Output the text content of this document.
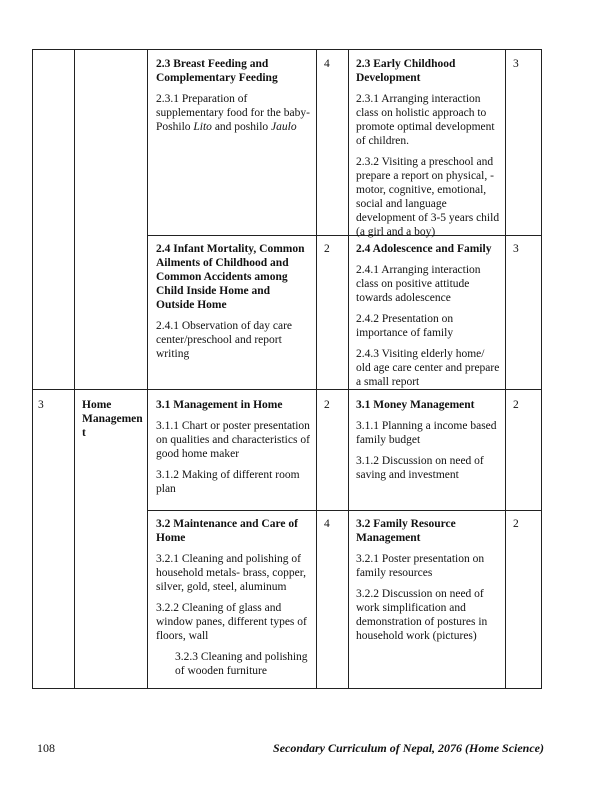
2.3 Breast Feeding and Complementary Feeding

2.3.1 Preparation of supplementary food for the baby- Poshilo Lito and poshilo Jaulo

4 2.3 Early Childhood Development

2.3.1 Arranging interaction class on holistic approach to promote optimal development of children.

2.3.2 Visiting a preschool and prepare a report on physical, -motor, cognitive, emotional, social and language development of 3-5 years child (a girl and a boy)

3

2.4 Infant Mortality, Common Ailments of Childhood and Common Accidents among Child Inside Home and Outside Home

2.4.1 Observation of day care center/preschool and report writing

2 2.4 Adolescence and Family

2.4.1 Arranging interaction class on positive attitude towards adolescence

2.4.2 Presentation on importance of family

2.4.3 Visiting elderly home/ old age care center and prepare a small report

3
3	Home Managemen t

3.1 Management in Home

3.1.1 Chart or poster presentation on qualities and characteristics of good home maker

3.1.2 Making of different room plan

2 3.1 Money Management

3.1.1 Planning a income based family budget

3.1.2 Discussion on need of saving and investment

2

3.2 Maintenance and Care of Home

3.2.1 Cleaning and polishing of household metals- brass, copper, silver, gold, steel, aluminum

3.2.2 Cleaning of glass and window panes, different types of floors, wall

3.2.3 Cleaning and polishing of wooden furniture

4 3.2 Family Resource Management

3.2.1 Poster presentation on family resources

3.2.2 Discussion on need of work simplification and demonstration of postures in household work (pictures)

2
108	Secondary Curriculum of Nepal, 2076 (Home Science)
